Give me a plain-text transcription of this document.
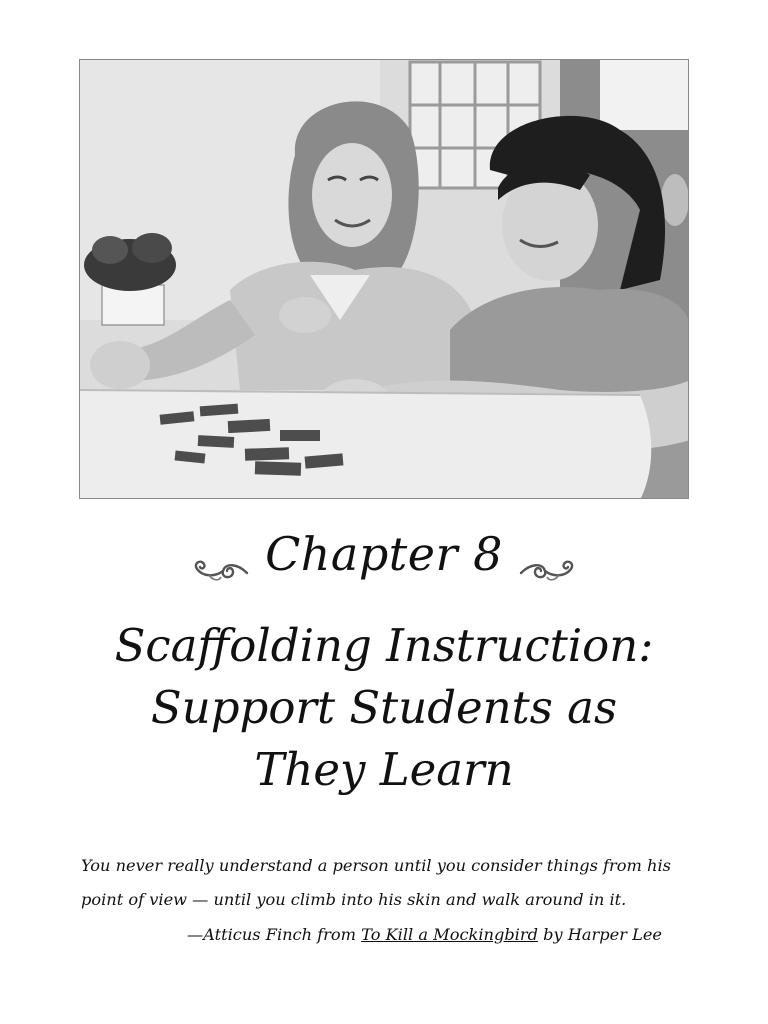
Chapter 8
Scaffolding Instruction:
Support Students as
They Learn
You never really understand a person until you consider things from his
point of view — until you climb into his skin and walk around in it.
—Atticus Finch from To Kill a Mockingbird by Harper Lee
